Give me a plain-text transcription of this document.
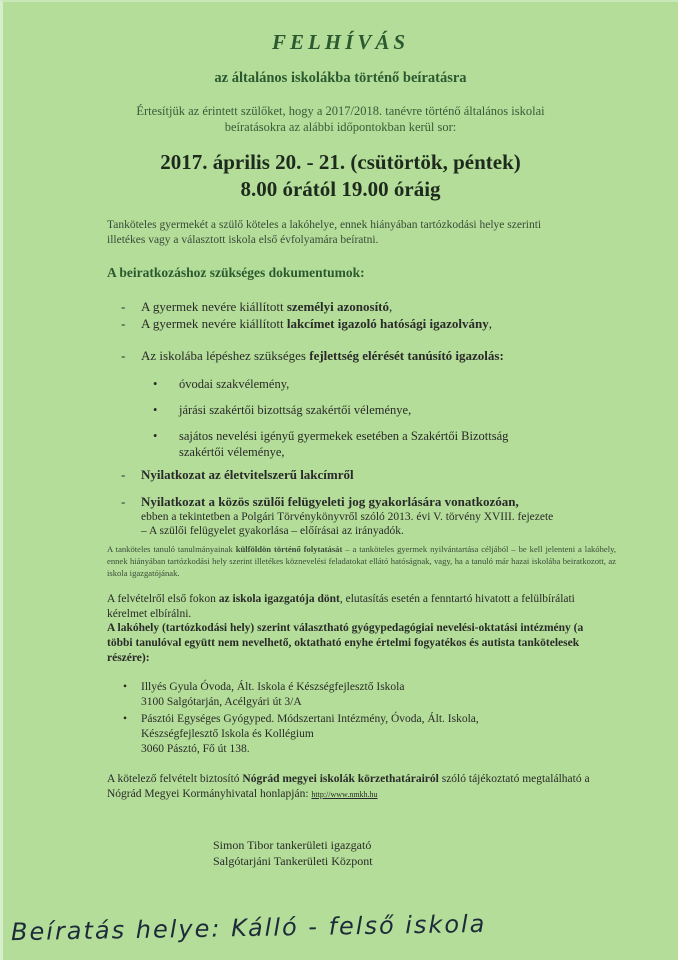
FELHÍVÁS
az általános iskolákba történő beíratásra
Értesítjük az érintett szülőket, hogy a 2017/2018. tanévre történő általános iskolai
beíratásokra az alábbi időpontokban kerül sor:
2017. április 20. - 21. (csütörtök, péntek)
8.00 órától 19.00 óráig
Tanköteles gyermekét a szülő köteles a lakóhelye, ennek hiányában tartózkodási helye szerinti
illetékes vagy a választott iskola első évfolyamára beíratni.
A beiratkozáshoz szükséges dokumentumok:
- A gyermek nevére kiállított személyi azonosító,
- A gyermek nevére kiállított lakcímet igazoló hatósági igazolvány,
- Az iskolába lépéshez szükséges fejlettség elérését tanúsító igazolás:
• óvodai szakvélemény,
• járási szakértői bizottság szakértői véleménye,
• sajátos nevelési igényű gyermekek esetében a Szakértői Bizottság
szakértői véleménye,
- Nyilatkozat az életvitelszerű lakcímről
- Nyilatkozat a közös szülői felügyeleti jog gyakorlására vonatkozóan,
ebben a tekintetben a Polgári Törvénykönyvről szóló 2013. évi V. törvény XVIII. fejezete
– A szülői felügyelet gyakorlása – előírásai az irányadók.
A tanköteles tanuló tanulmányainak külföldön történő folytatását – a tanköteles gyermek nyilvántartása céljából – be kell jelenteni a lakóhely, ennek hiányában tartózkodási hely szerint illetékes köznevelési feladatokat ellátó hatóságnak, vagy, ha a tanuló már hazai iskolába beiratkozott, az iskola igazgatójának.
A felvételről első fokon az iskola igazgatója dönt, elutasítás esetén a fenntartó hivatott a felülbírálati kérelmet elbírálni.
A lakóhely (tartózkodási hely) szerint választható gyógypedagógiai nevelési-oktatási intézmény (a többi tanulóval együtt nem nevelhető, oktatható enyhe értelmi fogyatékos és autista tankötelesek részére):
• Illyés Gyula Óvoda, Ált. Iskola é Készségfejlesztő Iskola
3100 Salgótarján, Acélgyári út 3/A
• Pásztói Egységes Gyógyped. Módszertani Intézmény, Óvoda, Ált. Iskola,
Készségfejlesztő Iskola és Kollégium
3060 Pásztó, Fő út 138.
A kötelező felvételt biztosító Nógrád megyei iskolák körzethatárairól szóló tájékoztató megtalálható a Nógrád Megyei Kormányhivatal honlapján: http://www.nmkh.hu
Simon Tibor tankerületi igazgató
Salgótarjáni Tankerületi Központ
Beíratás helye: Kálló - felső iskola
